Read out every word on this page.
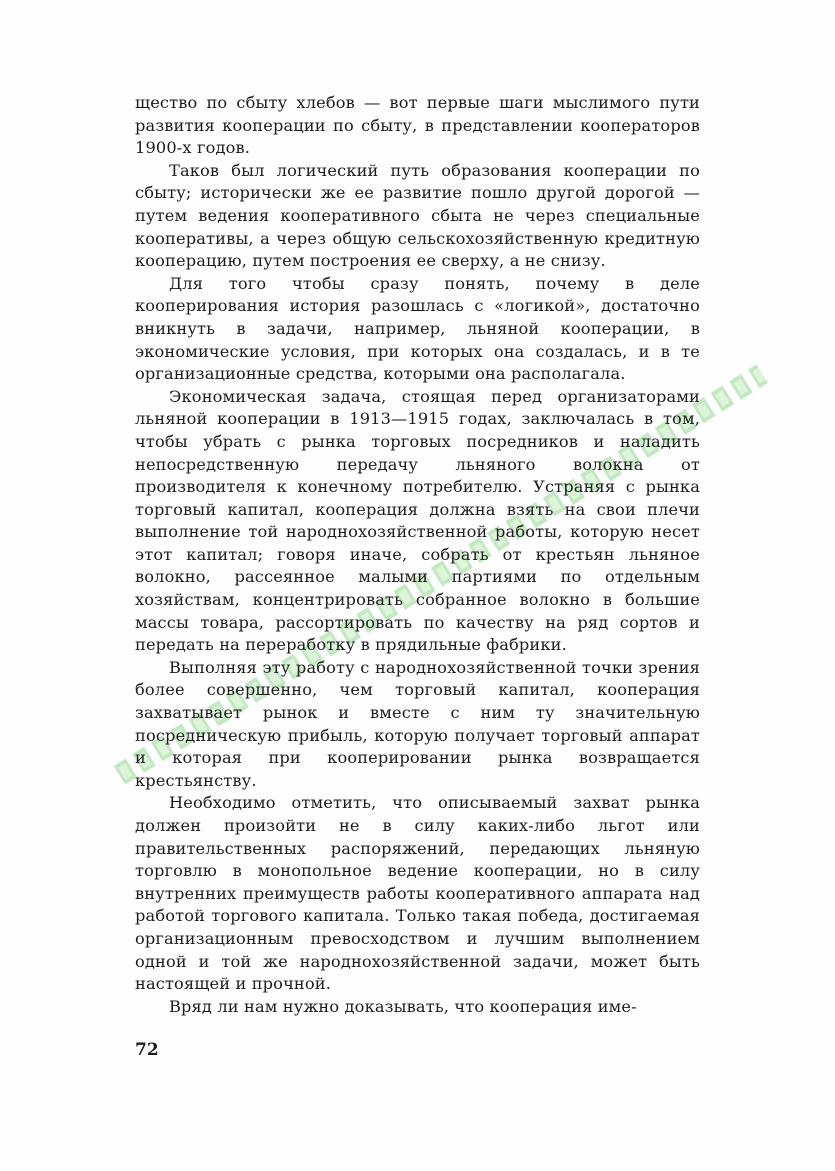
щество по сбыту хлебов — вот первые шаги мыслимого пути развития кооперации по сбыту, в представлении кооператоров 1900-х годов.

Таков был логический путь образования кооперации по сбыту; исторически же ее развитие пошло другой дорогой — путем ведения кооперативного сбыта не через специальные кооперативы, а через общую сельскохозяйственную кредитную кооперацию, путем построения ее сверху, а не снизу.

Для того чтобы сразу понять, почему в деле кооперирования история разошлась с «логикой», достаточно вникнуть в задачи, например, льняной кооперации, в экономические условия, при которых она создалась, и в те организационные средства, которыми она располагала.

Экономическая задача, стоящая перед организаторами льняной кооперации в 1913—1915 годах, заключалась в том, чтобы убрать с рынка торговых посредников и наладить непосредственную передачу льняного волокна от производителя к конечному потребителю. Устраняя с рынка торговый капитал, кооперация должна взять на свои плечи выполнение той народнохозяйственной работы, которую несет этот капитал; говоря иначе, собрать от крестьян льняное волокно, рассеянное малыми партиями по отдельным хозяйствам, концентрировать собранное волокно в большие массы товара, рассортировать по качеству на ряд сортов и передать на переработку в прядильные фабрики.

Выполняя эту работу с народнохозяйственной точки зрения более совершенно, чем торговый капитал, кооперация захватывает рынок и вместе с ним ту значительную посредническую прибыль, которую получает торговый аппарат и которая при кооперировании рынка возвращается крестьянству.

Необходимо отметить, что описываемый захват рынка должен произойти не в силу каких-либо льгот или правительственных распоряжений, передающих льняную торговлю в монопольное ведение кооперации, но в силу внутренних преимуществ работы кооперативного аппарата над работой торгового капитала. Только такая победа, достигаемая организационным превосходством и лучшим выполнением одной и той же народнохозяйственной задачи, может быть настоящей и прочной.

Вряд ли нам нужно доказывать, что кооперация име-

72
